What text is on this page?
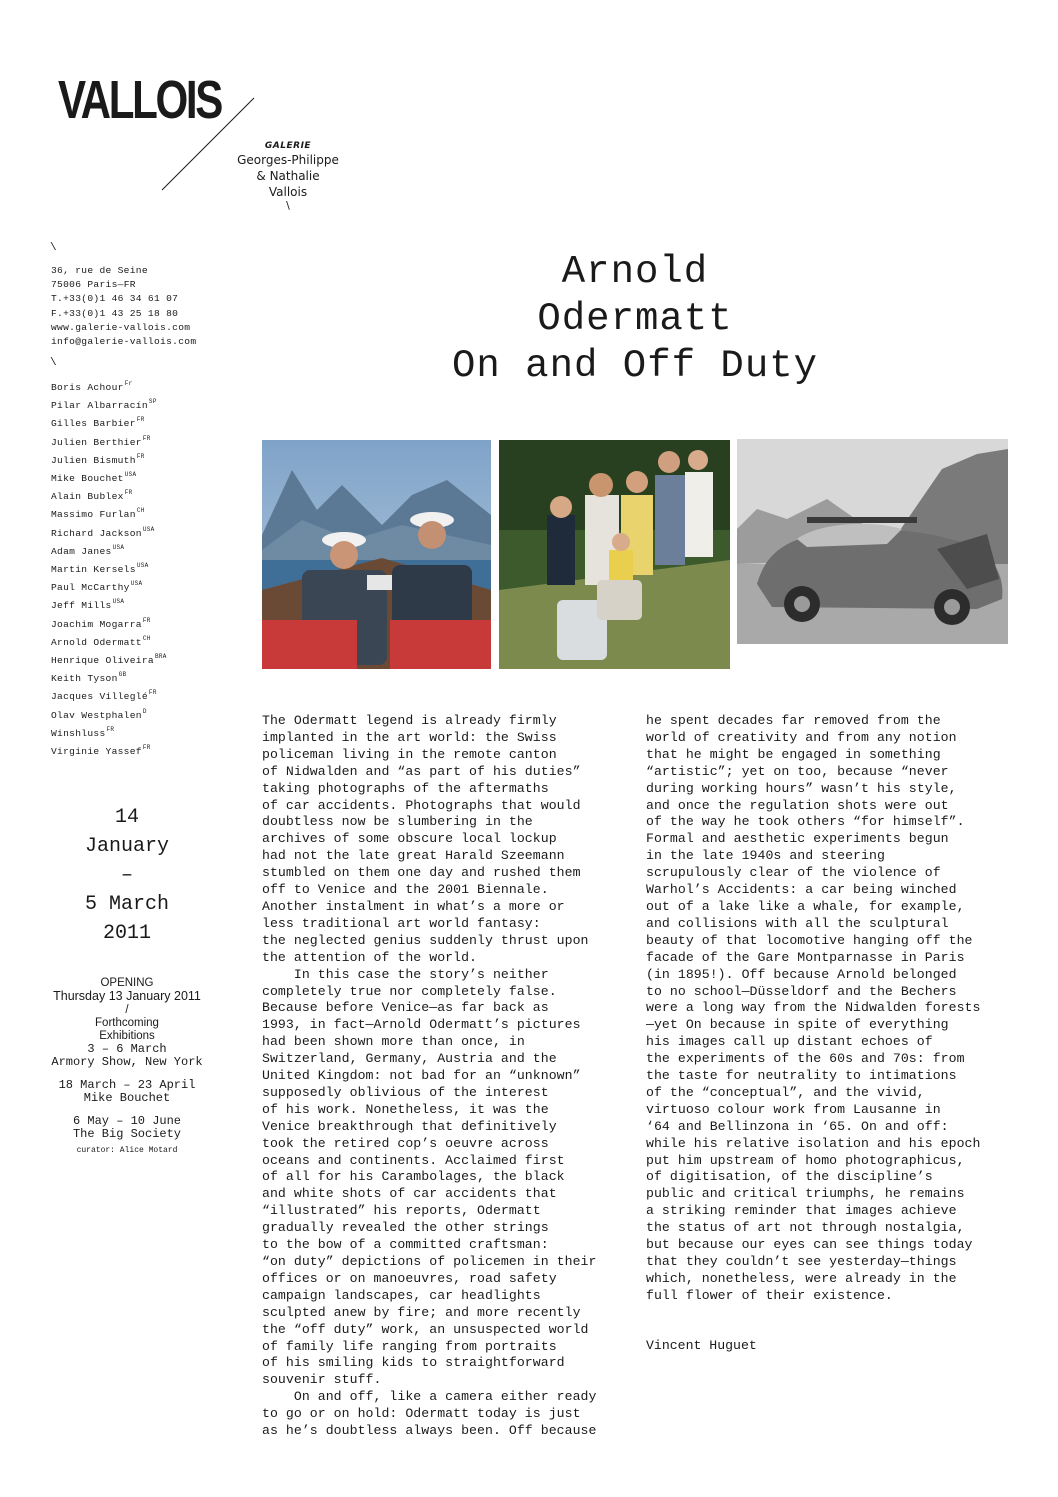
VALLOIS
GALERIE
Georges-Philippe
& Nathalie
Vallois
\
\
36, rue de Seine
75006 Paris—FR
T.+33(0)1 46 34 61 07
F.+33(0)1 43 25 18 80
www.galerie-vallois.com
info@galerie-vallois.com
\
Boris Achour$^{Fr}$
Pilar Albarracín$^{SP}$
Gilles Barbier$^{FR}$
Julien Berthier$^{FR}$
Julien Bismuth$^{FR}$
Mike Bouchet$^{USA}$
Alain Bublex$^{FR}$
Massimo Furlan$^{CH}$
Richard Jackson$^{USA}$
Adam Janes$^{USA}$
Martin Kersels$^{USA}$
Paul McCarthy$^{USA}$
Jeff Mills$^{USA}$
Joachim Mogarra$^{FR}$
Arnold Odermatt$^{CH}$
Henrique Oliveira$^{BRA}$
Keith Tyson$^{GB}$
Jacques Villeglé$^{FR}$
Olav Westphalen$^D$
Winshluss$^{FR}$
Virginie Yassef$^{FR}$
14
January
–
5 March
2011
OPENING
Thursday 13 January 2011
/
Forthcoming
Exhibitions
3 – 6 March
Armory Show, New York
18 March – 23 April
Mike Bouchet
6 May – 10 June
The Big Society
curator: Alice Motard
Arnold
Odermatt
On and Off Duty
The Odermatt legend is already firmly
implanted in the art world: the Swiss
policeman living in the remote canton
of Nidwalden and “as part of his duties”
taking photographs of the aftermaths
of car accidents. Photographs that would
doubtless now be slumbering in the
archives of some obscure local lockup
had not the late great Harald Szeemann
stumbled on them one day and rushed them
off to Venice and the 2001 Biennale.
Another instalment in what’s a more or
less traditional art world fantasy:
the neglected genius suddenly thrust upon
the attention of the world.
In this case the story’s neither
completely true nor completely false.
Because before Venice—as far back as
1993, in fact—Arnold Odermatt’s pictures
had been shown more than once, in
Switzerland, Germany, Austria and the
United Kingdom: not bad for an “unknown”
supposedly oblivious of the interest
of his work. Nonetheless, it was the
Venice breakthrough that definitively
took the retired cop’s oeuvre across
oceans and continents. Acclaimed first
of all for his Carambolages, the black
and white shots of car accidents that
“illustrated” his reports, Odermatt
gradually revealed the other strings
to the bow of a committed craftsman:
“on duty” depictions of policemen in their
offices or on manoeuvres, road safety
campaign landscapes, car headlights
sculpted anew by fire; and more recently
the “off duty” work, an unsuspected world
of family life ranging from portraits
of his smiling kids to straightforward
souvenir stuff.
On and off, like a camera either ready
to go or on hold: Odermatt today is just
as he’s doubtless always been. Off because
he spent decades far removed from the
world of creativity and from any notion
that he might be engaged in something
“artistic”; yet on too, because “never
during working hours” wasn’t his style,
and once the regulation shots were out
of the way he took others “for himself”.
Formal and aesthetic experiments begun
in the late 1940s and steering
scrupulously clear of the violence of
Warhol’s Accidents: a car being winched
out of a lake like a whale, for example,
and collisions with all the sculptural
beauty of that locomotive hanging off the
facade of the Gare Montparnasse in Paris
(in 1895!). Off because Arnold belonged
to no school—Düsseldorf and the Bechers
were a long way from the Nidwalden forests
—yet On because in spite of everything
his images call up distant echoes of
the experiments of the 60s and 70s: from
the taste for neutrality to intimations
of the “conceptual”, and the vivid,
virtuoso colour work from Lausanne in
‘64 and Bellinzona in ‘65. On and off:
while his relative isolation and his epoch
put him upstream of homo photographicus,
of digitisation, of the discipline’s
public and critical triumphs, he remains
a striking reminder that images achieve
the status of art not through nostalgia,
but because our eyes can see things today
that they couldn’t see yesterday—things
which, nonetheless, were already in the
full flower of their existence.
Vincent Huguet
